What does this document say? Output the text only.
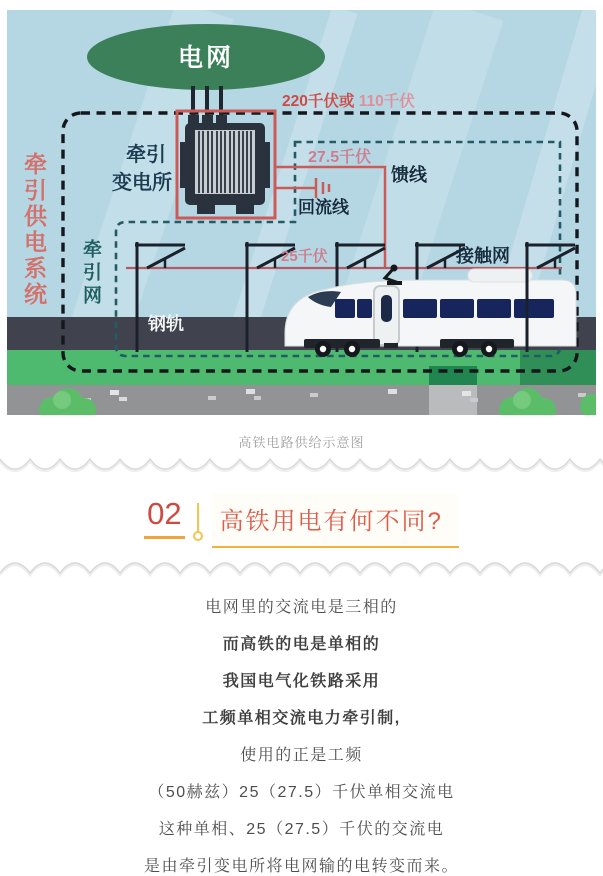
电网
220千伏或 110千伏
牵引
变电所
27.5千伏
馈线
回流线
25千伏	接触网
钢轨
牵引供电系统 牵引网
高铁电路供给示意图
02	高铁用电有何不同?

电网里的交流电是三相的

而高铁的电是单相的

我国电气化铁路采用

工频单相交流电力牵引制,

使用的正是工频

（50赫兹）25（27.5）千伏单相交流电

这种单相、25（27.5）千伏的交流电

是由牵引变电所将电网输的电转变而来。
